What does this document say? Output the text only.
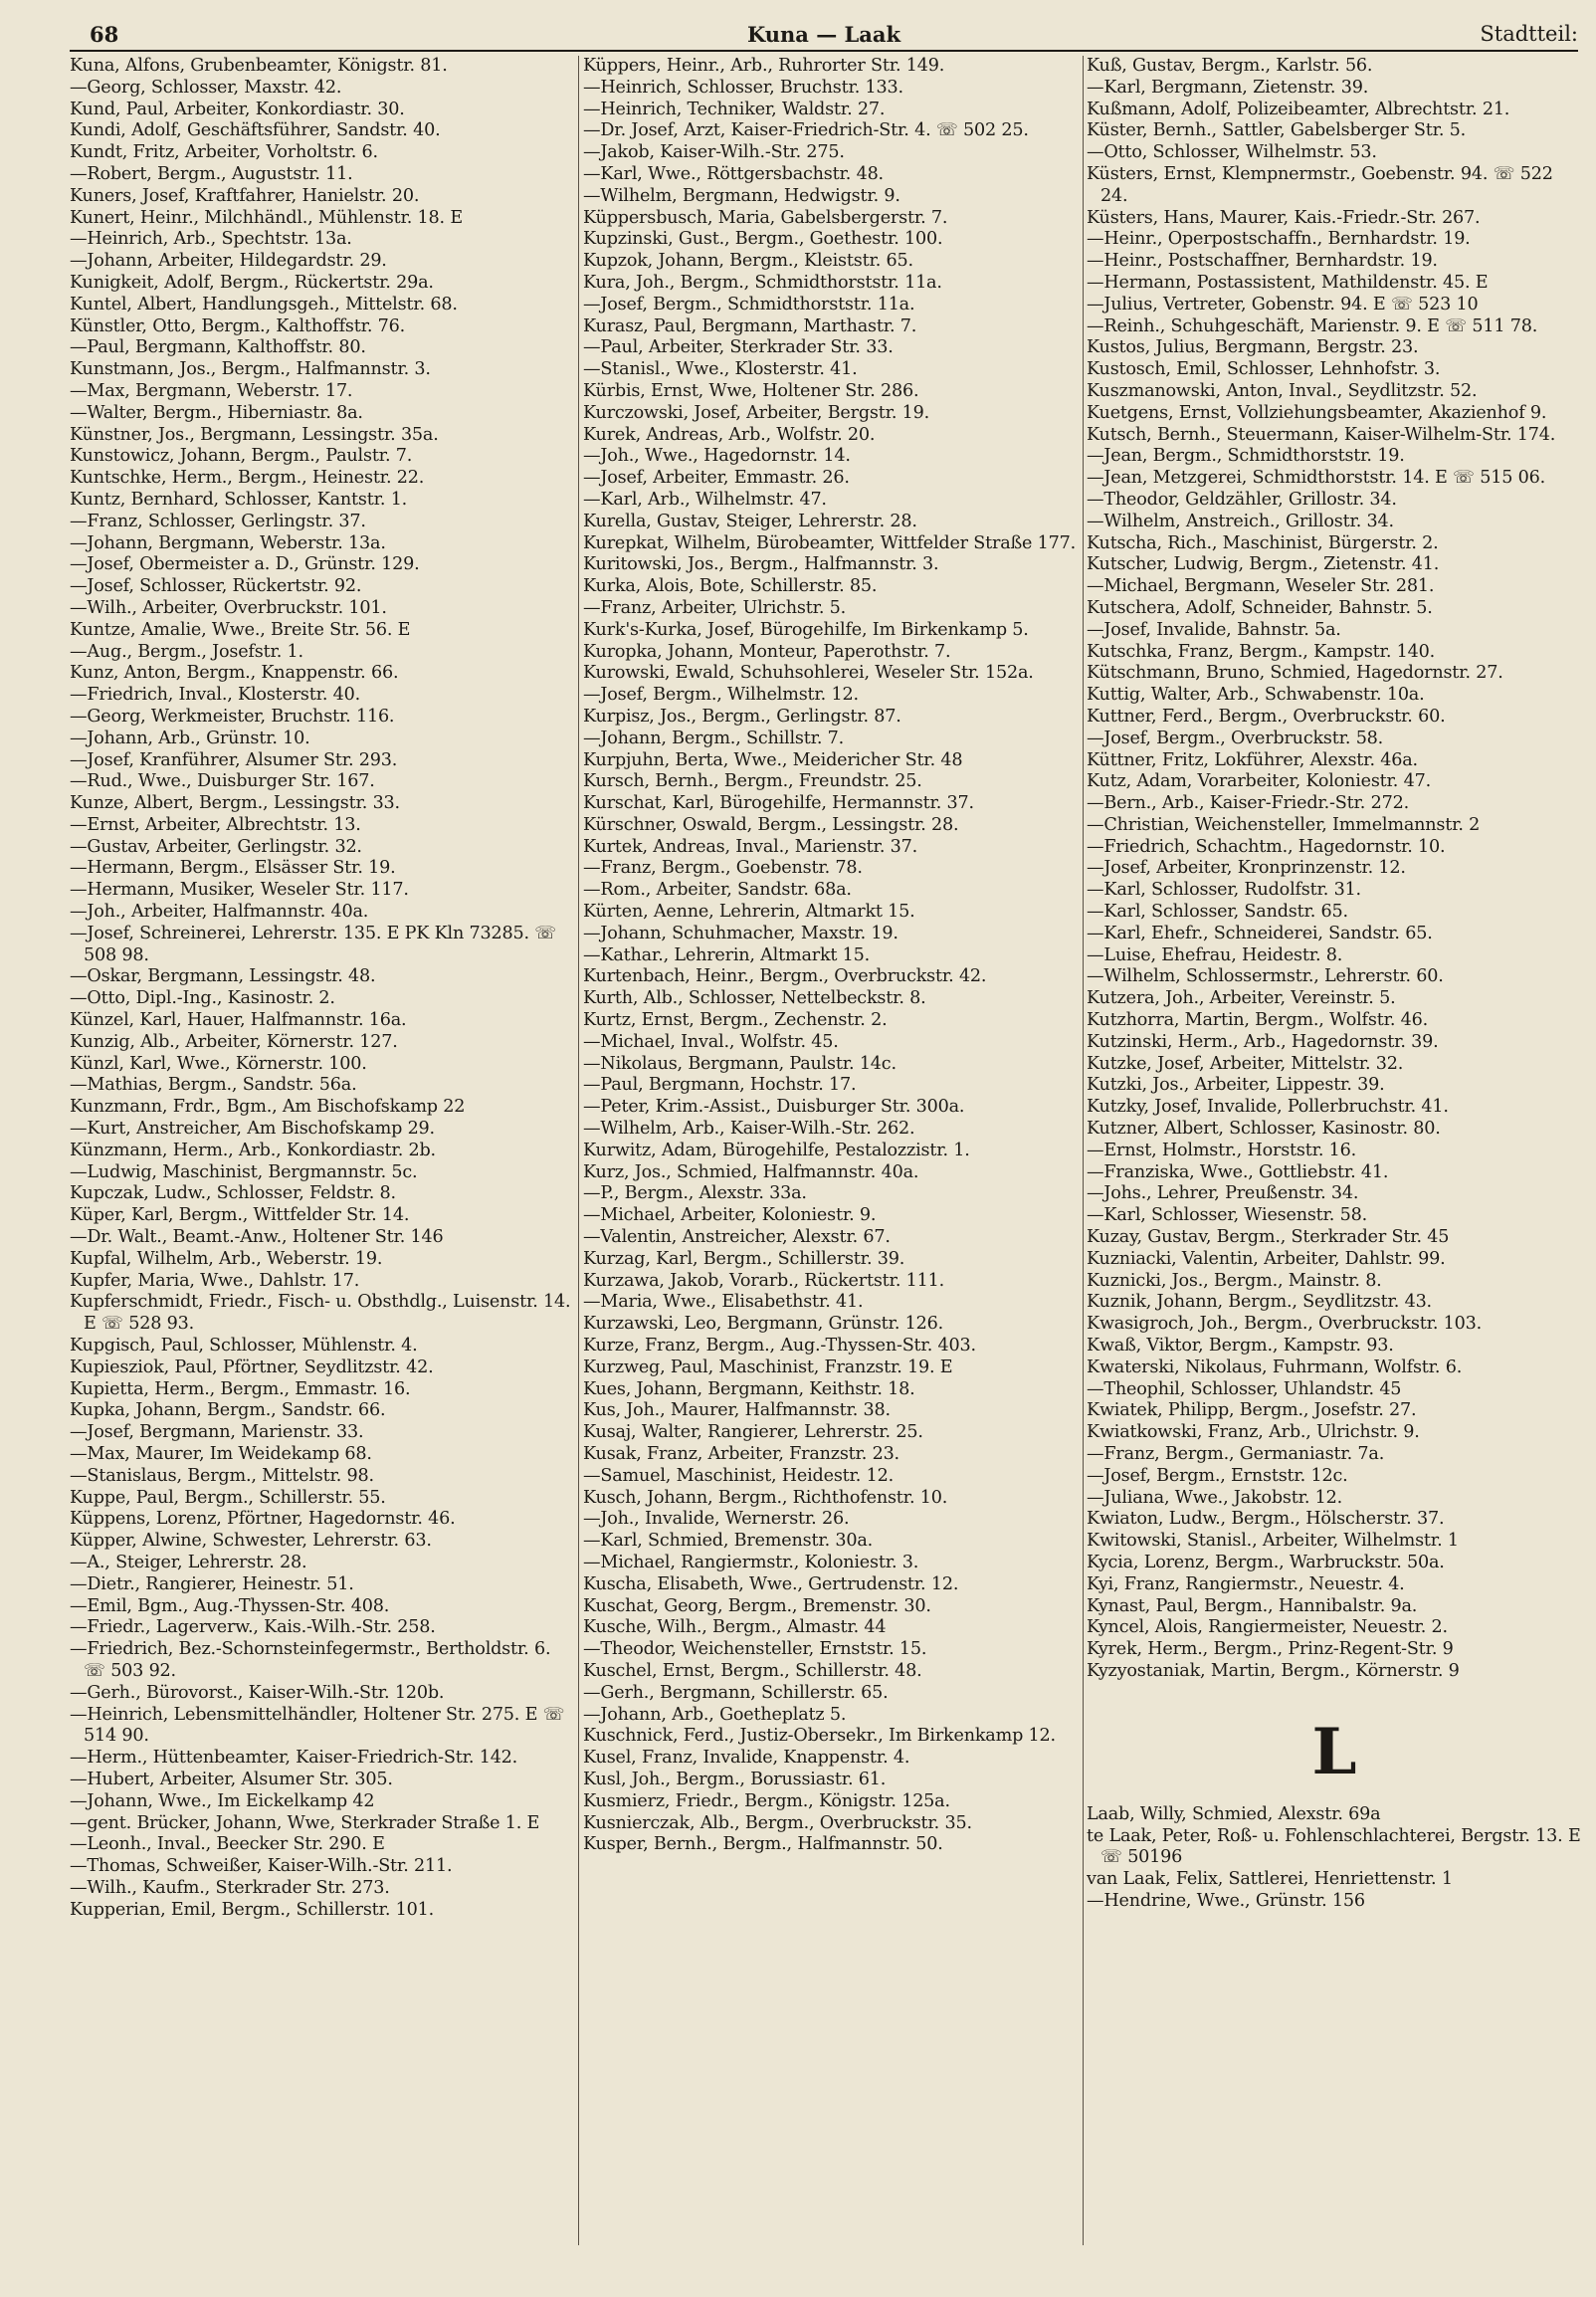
68	Kuna — Laak	Stadtteil:
Kuna, Alfons, Grubenbeamter, Königstr. 81.
—Georg, Schlosser, Maxstr. 42.
Kund, Paul, Arbeiter, Konkordiastr. 30.
Kundi, Adolf, Geschäftsführer, Sandstr. 40.
Kundt, Fritz, Arbeiter, Vorholtstr. 6.
—Robert, Bergm., Auguststr. 11.
Kuners, Josef, Kraftfahrer, Hanielstr. 20.
Kunert, Heinr., Milchhändl., Mühlenstr. 18. E
—Heinrich, Arb., Spechtstr. 13a.
—Johann, Arbeiter, Hildegardstr. 29.
Kunigkeit, Adolf, Bergm., Rückertstr. 29a.
Kuntel, Albert, Handlungsgeh., Mittelstr. 68.
Künstler, Otto, Bergm., Kalthoffstr. 76.
—Paul, Bergmann, Kalthoffstr. 80.
Kunstmann, Jos., Bergm., Halfmannstr. 3.
—Max, Bergmann, Weberstr. 17.
—Walter, Bergm., Hiberniastr. 8a.
Künstner, Jos., Bergmann, Lessingstr. 35a.
Kunstowicz, Johann, Bergm., Paulstr. 7.
Kuntschke, Herm., Bergm., Heinestr. 22.
Kuntz, Bernhard, Schlosser, Kantstr. 1.
—Franz, Schlosser, Gerlingstr. 37.
—Johann, Bergmann, Weberstr. 13a.
—Josef, Obermeister a. D., Grünstr. 129.
—Josef, Schlosser, Rückertstr. 92.
—Wilh., Arbeiter, Overbruckstr. 101.
Kuntze, Amalie, Wwe., Breite Str. 56. E
—Aug., Bergm., Josefstr. 1.
Kunz, Anton, Bergm., Knappenstr. 66.
—Friedrich, Inval., Klosterstr. 40.
—Georg, Werkmeister, Bruchstr. 116.
—Johann, Arb., Grünstr. 10.
—Josef, Kranführer, Alsumer Str. 293.
—Rud., Wwe., Duisburger Str. 167.
Kunze, Albert, Bergm., Lessingstr. 33.
—Ernst, Arbeiter, Albrechtstr. 13.
—Gustav, Arbeiter, Gerlingstr. 32.
—Hermann, Bergm., Elsässer Str. 19.
—Hermann, Musiker, Weseler Str. 117.
—Joh., Arbeiter, Halfmannstr. 40a.
—Josef, Schreinerei, Lehrerstr. 135. E PK Kln 73285. ☏ 508 98.
—Oskar, Bergmann, Lessingstr. 48.
—Otto, Dipl.-Ing., Kasinostr. 2.
Künzel, Karl, Hauer, Halfmannstr. 16a.
Kunzig, Alb., Arbeiter, Körnerstr. 127.
Künzl, Karl, Wwe., Körnerstr. 100.
—Mathias, Bergm., Sandstr. 56a.
Kunzmann, Frdr., Bgm., Am Bischofskamp 22
—Kurt, Anstreicher, Am Bischofskamp 29.
Künzmann, Herm., Arb., Konkordiastr. 2b.
—Ludwig, Maschinist, Bergmannstr. 5c.
Kupczak, Ludw., Schlosser, Feldstr. 8.
Küper, Karl, Bergm., Wittfelder Str. 14.
—Dr. Walt., Beamt.-Anw., Holtener Str. 146
Kupfal, Wilhelm, Arb., Weberstr. 19.
Kupfer, Maria, Wwe., Dahlstr. 17.
Kupferschmidt, Friedr., Fisch- u. Obsthdlg., Luisenstr. 14. E ☏ 528 93.
Kupgisch, Paul, Schlosser, Mühlenstr. 4.
Kupiesziok, Paul, Pförtner, Seydlitzstr. 42.
Kupietta, Herm., Bergm., Emmastr. 16.
Kupka, Johann, Bergm., Sandstr. 66.
—Josef, Bergmann, Marienstr. 33.
—Max, Maurer, Im Weidekamp 68.
—Stanislaus, Bergm., Mittelstr. 98.
Kuppe, Paul, Bergm., Schillerstr. 55.
Küppens, Lorenz, Pförtner, Hagedornstr. 46.
Küpper, Alwine, Schwester, Lehrerstr. 63.
—A., Steiger, Lehrerstr. 28.
—Dietr., Rangierer, Heinestr. 51.
—Emil, Bgm., Aug.-Thyssen-Str. 408.
—Friedr., Lagerverw., Kais.-Wilh.-Str. 258.
—Friedrich, Bez.-Schornsteinfegermstr., Bertholdstr. 6. ☏ 503 92.
—Gerh., Bürovorst., Kaiser-Wilh.-Str. 120b.
—Heinrich, Lebensmittelhändler, Holtener Str. 275. E ☏ 514 90.
—Herm., Hüttenbeamter, Kaiser-Friedrich-Str. 142.
—Hubert, Arbeiter, Alsumer Str. 305.
—Johann, Wwe., Im Eickelkamp 42
—gent. Brücker, Johann, Wwe, Sterkrader Straße 1. E
—Leonh., Inval., Beecker Str. 290. E
—Thomas, Schweißer, Kaiser-Wilh.-Str. 211.
—Wilh., Kaufm., Sterkrader Str. 273.
Kupperian, Emil, Bergm., Schillerstr. 101.
Küppers, Heinr., Arb., Ruhrorter Str. 149.
—Heinrich, Schlosser, Bruchstr. 133.
—Heinrich, Techniker, Waldstr. 27.
—Dr. Josef, Arzt, Kaiser-Friedrich-Str. 4. ☏ 502 25.
—Jakob, Kaiser-Wilh.-Str. 275.
—Karl, Wwe., Röttgersbachstr. 48.
—Wilhelm, Bergmann, Hedwigstr. 9.
Küppersbusch, Maria, Gabelsbergerstr. 7.
Kupzinski, Gust., Bergm., Goethestr. 100.
Kupzok, Johann, Bergm., Kleiststr. 65.
Kura, Joh., Bergm., Schmidthorststr. 11a.
—Josef, Bergm., Schmidthorststr. 11a.
Kurasz, Paul, Bergmann, Marthastr. 7.
—Paul, Arbeiter, Sterkrader Str. 33.
—Stanisl., Wwe., Klosterstr. 41.
Kürbis, Ernst, Wwe, Holtener Str. 286.
Kurczowski, Josef, Arbeiter, Bergstr. 19.
Kurek, Andreas, Arb., Wolfstr. 20.
—Joh., Wwe., Hagedornstr. 14.
—Josef, Arbeiter, Emmastr. 26.
—Karl, Arb., Wilhelmstr. 47.
Kurella, Gustav, Steiger, Lehrerstr. 28.
Kurepkat, Wilhelm, Bürobeamter, Wittfelder Straße 177.
Kuritowski, Jos., Bergm., Halfmannstr. 3.
Kurka, Alois, Bote, Schillerstr. 85.
—Franz, Arbeiter, Ulrichstr. 5.
Kurk's-Kurka, Josef, Bürogehilfe, Im Birkenkamp 5.
Kuropka, Johann, Monteur, Paperothstr. 7.
Kurowski, Ewald, Schuhsohlerei, Weseler Str. 152a.
—Josef, Bergm., Wilhelmstr. 12.
Kurpisz, Jos., Bergm., Gerlingstr. 87.
—Johann, Bergm., Schillstr. 7.
Kurpjuhn, Berta, Wwe., Meidericher Str. 48
Kursch, Bernh., Bergm., Freundstr. 25.
Kurschat, Karl, Bürogehilfe, Hermannstr. 37.
Kürschner, Oswald, Bergm., Lessingstr. 28.
Kurtek, Andreas, Inval., Marienstr. 37.
—Franz, Bergm., Goebenstr. 78.
—Rom., Arbeiter, Sandstr. 68a.
Kürten, Aenne, Lehrerin, Altmarkt 15.
—Johann, Schuhmacher, Maxstr. 19.
—Kathar., Lehrerin, Altmarkt 15.
Kurtenbach, Heinr., Bergm., Overbruckstr. 42.
Kurth, Alb., Schlosser, Nettelbeckstr. 8.
Kurtz, Ernst, Bergm., Zechenstr. 2.
—Michael, Inval., Wolfstr. 45.
—Nikolaus, Bergmann, Paulstr. 14c.
—Paul, Bergmann, Hochstr. 17.
—Peter, Krim.-Assist., Duisburger Str. 300a.
—Wilhelm, Arb., Kaiser-Wilh.-Str. 262.
Kurwitz, Adam, Bürogehilfe, Pestalozzistr. 1.
Kurz, Jos., Schmied, Halfmannstr. 40a.
—P., Bergm., Alexstr. 33a.
—Michael, Arbeiter, Koloniestr. 9.
—Valentin, Anstreicher, Alexstr. 67.
Kurzag, Karl, Bergm., Schillerstr. 39.
Kurzawa, Jakob, Vorarb., Rückertstr. 111.
—Maria, Wwe., Elisabethstr. 41.
Kurzawski, Leo, Bergmann, Grünstr. 126.
Kurze, Franz, Bergm., Aug.-Thyssen-Str. 403.
Kurzweg, Paul, Maschinist, Franzstr. 19. E
Kues, Johann, Bergmann, Keithstr. 18.
Kus, Joh., Maurer, Halfmannstr. 38.
Kusaj, Walter, Rangierer, Lehrerstr. 25.
Kusak, Franz, Arbeiter, Franzstr. 23.
—Samuel, Maschinist, Heidestr. 12.
Kusch, Johann, Bergm., Richthofenstr. 10.
—Joh., Invalide, Wernerstr. 26.
—Karl, Schmied, Bremenstr. 30a.
—Michael, Rangiermstr., Koloniestr. 3.
Kuscha, Elisabeth, Wwe., Gertrudenstr. 12.
Kuschat, Georg, Bergm., Bremenstr. 30.
Kusche, Wilh., Bergm., Almastr. 44
—Theodor, Weichensteller, Ernststr. 15.
Kuschel, Ernst, Bergm., Schillerstr. 48.
—Gerh., Bergmann, Schillerstr. 65.
—Johann, Arb., Goetheplatz 5.
Kuschnick, Ferd., Justiz-Obersekr., Im Birkenkamp 12.
Kusel, Franz, Invalide, Knappenstr. 4.
Kusl, Joh., Bergm., Borussiastr. 61.
Kusmierz, Friedr., Bergm., Königstr. 125a.
Kusnierczak, Alb., Bergm., Overbruckstr. 35.
Kusper, Bernh., Bergm., Halfmannstr. 50.
Kuß, Gustav, Bergm., Karlstr. 56.
—Karl, Bergmann, Zietenstr. 39.
Kußmann, Adolf, Polizeibeamter, Albrechtstr. 21.
Küster, Bernh., Sattler, Gabelsberger Str. 5.
—Otto, Schlosser, Wilhelmstr. 53.
Küsters, Ernst, Klempnermstr., Goebenstr. 94. ☏ 522 24.
Küsters, Hans, Maurer, Kais.-Friedr.-Str. 267.
—Heinr., Operpostschaffn., Bernhardstr. 19.
—Heinr., Postschaffner, Bernhardstr. 19.
—Hermann, Postassistent, Mathildenstr. 45. E
—Julius, Vertreter, Gobenstr. 94. E ☏ 523 10
—Reinh., Schuhgeschäft, Marienstr. 9. E ☏ 511 78.
Kustos, Julius, Bergmann, Bergstr. 23.
Kustosch, Emil, Schlosser, Lehnhofstr. 3.
Kuszmanowski, Anton, Inval., Seydlitzstr. 52.
Kuetgens, Ernst, Vollziehungsbeamter, Akazienhof 9.
Kutsch, Bernh., Steuermann, Kaiser-Wilhelm-Str. 174.
—Jean, Bergm., Schmidthorststr. 19.
—Jean, Metzgerei, Schmidthorststr. 14. E ☏ 515 06.
—Theodor, Geldzähler, Grillostr. 34.
—Wilhelm, Anstreich., Grillostr. 34.
Kutscha, Rich., Maschinist, Bürgerstr. 2.
Kutscher, Ludwig, Bergm., Zietenstr. 41.
—Michael, Bergmann, Weseler Str. 281.
Kutschera, Adolf, Schneider, Bahnstr. 5.
—Josef, Invalide, Bahnstr. 5a.
Kutschka, Franz, Bergm., Kampstr. 140.
Kütschmann, Bruno, Schmied, Hagedornstr. 27.
Kuttig, Walter, Arb., Schwabenstr. 10a.
Kuttner, Ferd., Bergm., Overbruckstr. 60.
—Josef, Bergm., Overbruckstr. 58.
Küttner, Fritz, Lokführer, Alexstr. 46a.
Kutz, Adam, Vorarbeiter, Koloniestr. 47.
—Bern., Arb., Kaiser-Friedr.-Str. 272.
—Christian, Weichensteller, Immelmannstr. 2
—Friedrich, Schachtm., Hagedornstr. 10.
—Josef, Arbeiter, Kronprinzenstr. 12.
—Karl, Schlosser, Rudolfstr. 31.
—Karl, Schlosser, Sandstr. 65.
—Karl, Ehefr., Schneiderei, Sandstr. 65.
—Luise, Ehefrau, Heidestr. 8.
—Wilhelm, Schlossermstr., Lehrerstr. 60.
Kutzera, Joh., Arbeiter, Vereinstr. 5.
Kutzhorra, Martin, Bergm., Wolfstr. 46.
Kutzinski, Herm., Arb., Hagedornstr. 39.
Kutzke, Josef, Arbeiter, Mittelstr. 32.
Kutzki, Jos., Arbeiter, Lippestr. 39.
Kutzky, Josef, Invalide, Pollerbruchstr. 41.
Kutzner, Albert, Schlosser, Kasinostr. 80.
—Ernst, Holmstr., Horststr. 16.
—Franziska, Wwe., Gottliebstr. 41.
—Johs., Lehrer, Preußenstr. 34.
—Karl, Schlosser, Wiesenstr. 58.
Kuzay, Gustav, Bergm., Sterkrader Str. 45
Kuzniacki, Valentin, Arbeiter, Dahlstr. 99.
Kuznicki, Jos., Bergm., Mainstr. 8.
Kuznik, Johann, Bergm., Seydlitzstr. 43.
Kwasigroch, Joh., Bergm., Overbruckstr. 103.
Kwaß, Viktor, Bergm., Kampstr. 93.
Kwaterski, Nikolaus, Fuhrmann, Wolfstr. 6.
—Theophil, Schlosser, Uhlandstr. 45
Kwiatek, Philipp, Bergm., Josefstr. 27.
Kwiatkowski, Franz, Arb., Ulrichstr. 9.
—Franz, Bergm., Germaniastr. 7a.
—Josef, Bergm., Ernststr. 12c.
—Juliana, Wwe., Jakobstr. 12.
Kwiaton, Ludw., Bergm., Hölscherstr. 37.
Kwitowski, Stanisl., Arbeiter, Wilhelmstr. 1
Kycia, Lorenz, Bergm., Warbruckstr. 50a.
Kyi, Franz, Rangiermstr., Neuestr. 4.
Kynast, Paul, Bergm., Hannibalstr. 9a.
Kyncel, Alois, Rangiermeister, Neuestr. 2.
Kyrek, Herm., Bergm., Prinz-Regent-Str. 9
Kyzyostaniak, Martin, Bergm., Körnerstr. 9
L
Laab, Willy, Schmied, Alexstr. 69a
te Laak, Peter, Roß- u. Fohlenschlachterei, Bergstr. 13. E ☏ 50196
van Laak, Felix, Sattlerei, Henriettenstr. 1
—Hendrine, Wwe., Grünstr. 156
